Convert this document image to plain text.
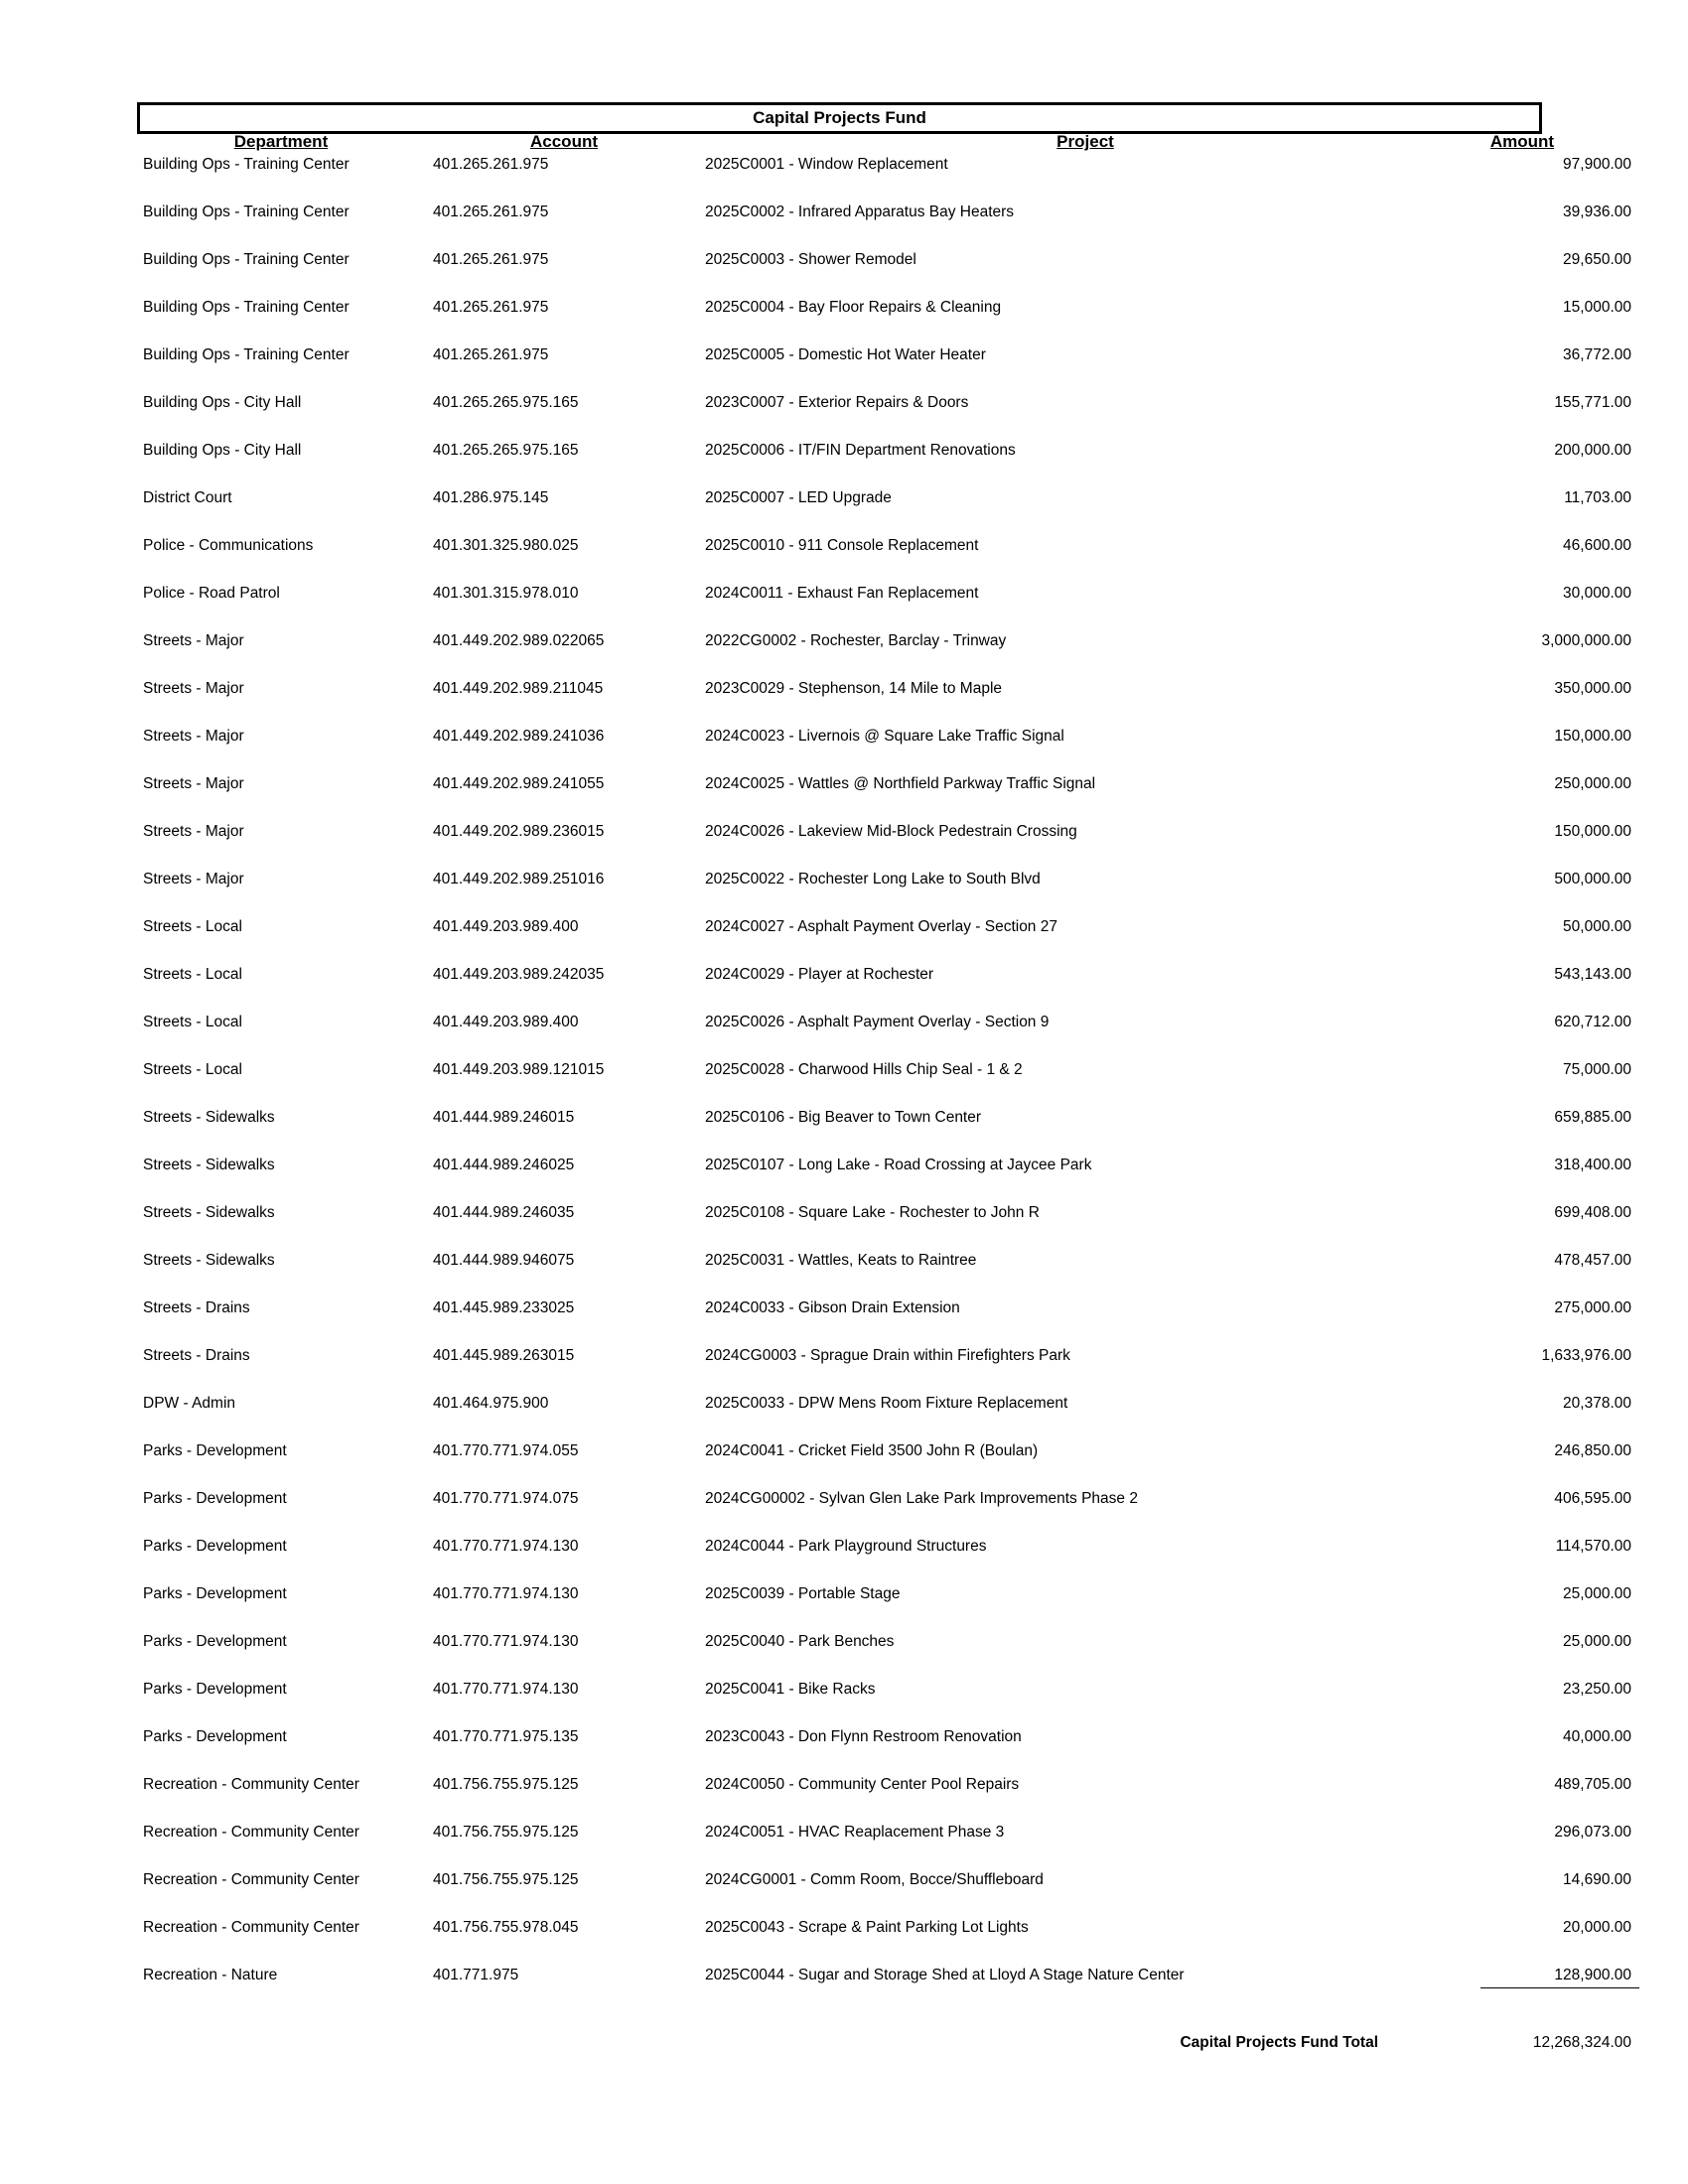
Capital Projects Fund
Department	Account	Project	Amount
Building Ops - Training Center	401.265.261.975	2025C0001 - Window Replacement	97,900.00
Building Ops - Training Center	401.265.261.975	2025C0002 - Infrared Apparatus Bay Heaters	39,936.00
Building Ops - Training Center	401.265.261.975	2025C0003 - Shower Remodel	29,650.00
Building Ops - Training Center	401.265.261.975	2025C0004 - Bay Floor Repairs & Cleaning	15,000.00
Building Ops - Training Center	401.265.261.975	2025C0005 - Domestic Hot Water Heater	36,772.00
Building Ops - City Hall	401.265.265.975.165	2023C0007 - Exterior Repairs & Doors	155,771.00
Building Ops - City Hall	401.265.265.975.165	2025C0006 - IT/FIN Department Renovations	200,000.00
District Court	401.286.975.145	2025C0007 - LED Upgrade	11,703.00
Police - Communications	401.301.325.980.025	2025C0010 - 911 Console Replacement	46,600.00
Police - Road Patrol	401.301.315.978.010	2024C0011 - Exhaust Fan Replacement	30,000.00
Streets - Major	401.449.202.989.022065	2022CG0002 - Rochester, Barclay - Trinway	3,000,000.00
Streets - Major	401.449.202.989.211045	2023C0029 - Stephenson, 14 Mile to Maple	350,000.00
Streets - Major	401.449.202.989.241036	2024C0023 - Livernois @ Square Lake Traffic Signal	150,000.00
Streets - Major	401.449.202.989.241055	2024C0025 - Wattles @ Northfield Parkway Traffic Signal	250,000.00
Streets - Major	401.449.202.989.236015	2024C0026 - Lakeview Mid-Block Pedestrain Crossing	150,000.00
Streets - Major	401.449.202.989.251016	2025C0022 - Rochester Long Lake to South Blvd	500,000.00
Streets - Local	401.449.203.989.400	2024C0027 - Asphalt Payment Overlay - Section 27	50,000.00
Streets - Local	401.449.203.989.242035	2024C0029 - Player at Rochester	543,143.00
Streets - Local	401.449.203.989.400	2025C0026 - Asphalt Payment Overlay - Section 9	620,712.00
Streets - Local	401.449.203.989.121015	2025C0028 - Charwood Hills Chip Seal - 1 & 2	75,000.00
Streets - Sidewalks	401.444.989.246015	2025C0106 - Big Beaver to Town Center	659,885.00
Streets - Sidewalks	401.444.989.246025	2025C0107 - Long Lake - Road Crossing at Jaycee Park	318,400.00
Streets - Sidewalks	401.444.989.246035	2025C0108 - Square Lake - Rochester to John R	699,408.00
Streets - Sidewalks	401.444.989.946075	2025C0031 - Wattles, Keats to Raintree	478,457.00
Streets - Drains	401.445.989.233025	2024C0033 - Gibson Drain Extension	275,000.00
Streets - Drains	401.445.989.263015	2024CG0003 - Sprague Drain within Firefighters Park	1,633,976.00
DPW - Admin	401.464.975.900	2025C0033 - DPW Mens Room Fixture Replacement	20,378.00
Parks - Development	401.770.771.974.055	2024C0041 - Cricket Field 3500 John R (Boulan)	246,850.00
Parks - Development	401.770.771.974.075	2024CG00002 - Sylvan Glen Lake Park Improvements Phase 2	406,595.00
Parks - Development	401.770.771.974.130	2024C0044 - Park Playground Structures	114,570.00
Parks - Development	401.770.771.974.130	2025C0039 - Portable Stage	25,000.00
Parks - Development	401.770.771.974.130	2025C0040 - Park Benches	25,000.00
Parks - Development	401.770.771.974.130	2025C0041 - Bike Racks	23,250.00
Parks - Development	401.770.771.975.135	2023C0043 - Don Flynn Restroom Renovation	40,000.00
Recreation - Community Center	401.756.755.975.125	2024C0050 - Community Center Pool Repairs	489,705.00
Recreation - Community Center	401.756.755.975.125	2024C0051 - HVAC Reaplacement Phase 3	296,073.00
Recreation - Community Center	401.756.755.975.125	2024CG0001 - Comm Room, Bocce/Shuffleboard	14,690.00
Recreation - Community Center	401.756.755.978.045	2025C0043 - Scrape & Paint Parking Lot Lights	20,000.00
Recreation - Nature	401.771.975	2025C0044 - Sugar and Storage Shed at Lloyd A Stage Nature Center	128,900.00
Capital Projects Fund Total	12,268,324.00
